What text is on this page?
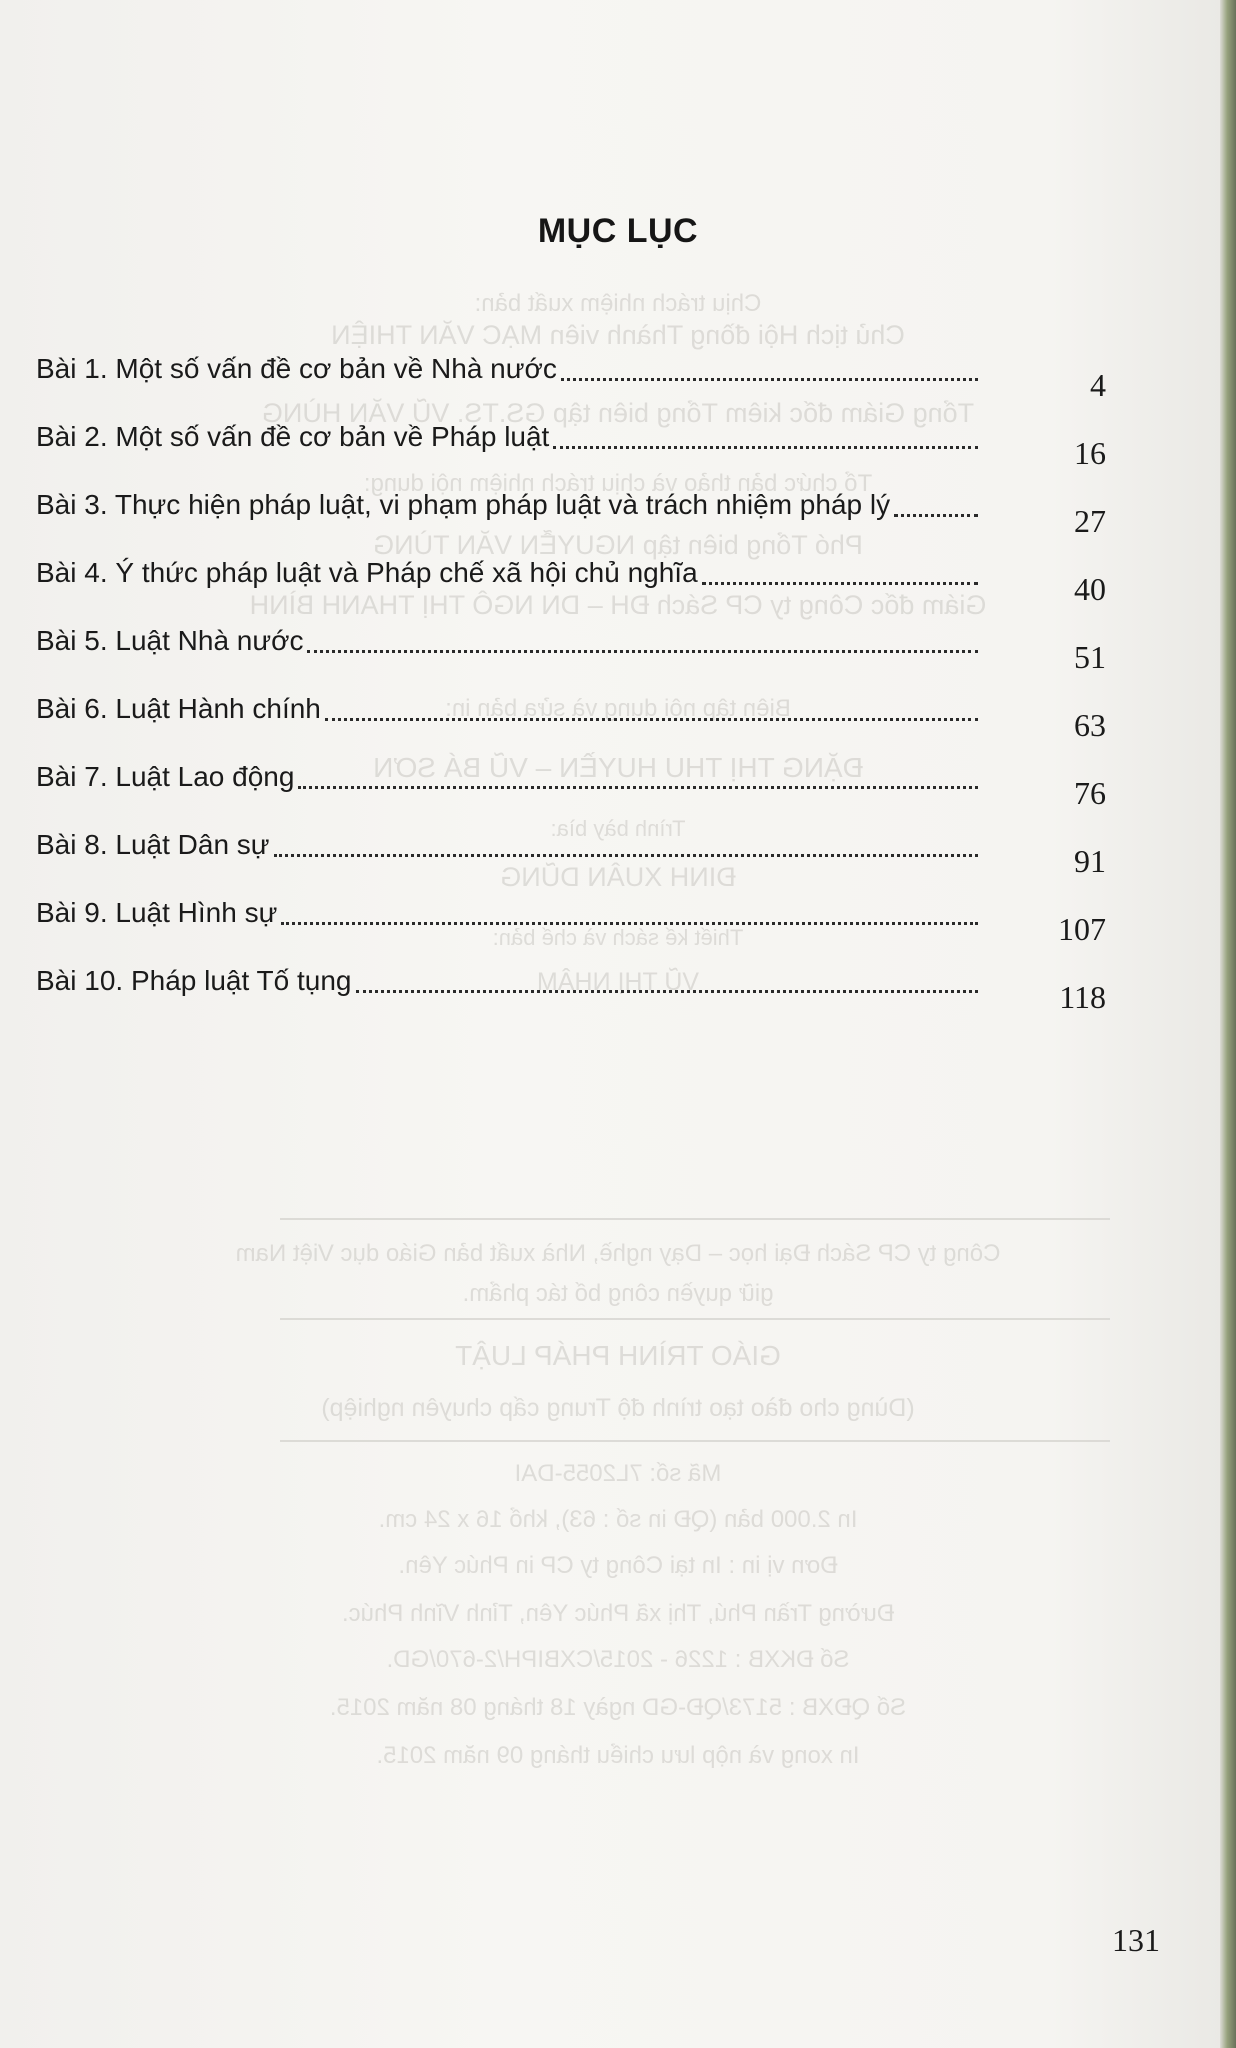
Chịu trách nhiệm xuất bản:
Chủ tịch Hội đồng Thành viên MẠC VĂN THIỆN
Tổng Giám đốc kiêm Tổng biên tập GS.TS. VŨ VĂN HÙNG
Tổ chức bản thảo và chịu trách nhiệm nội dung:
Phó Tổng biên tập NGUYỄN VĂN TÙNG
Giám đốc Công ty CP Sách ĐH – DN NGÔ THỊ THANH BÌNH
Biên tập nội dung và sửa bản in:
ĐẶNG THỊ THU HUYỀN – VŨ BÁ SƠN
Trình bày bìa:
ĐINH XUÂN DŨNG
Thiết kế sách và chế bản:
VŨ THỊ NHÂM
Công ty CP Sách Đại học – Dạy nghề, Nhà xuất bản Giáo dục Việt Nam
giữ quyền công bố tác phẩm.
GIÁO TRÌNH PHÁP LUẬT
(Dùng cho đào tạo trình độ Trung cấp chuyên nghiệp)
Mã số: 7L2055-DAI
In 2.000 bản (QĐ in số : 63), khổ 16 x 24 cm.
Đơn vị in : In tại Công ty CP in Phúc Yên.
Đường Trần Phú, Thị xã Phúc Yên, Tỉnh Vĩnh Phúc.
Số ĐKXB : 1226 - 2015/CXBIPH/2-670/GD.
Số QĐXB : 5173/QĐ-GD ngày 18 tháng 08 năm 2015.
In xong và nộp lưu chiểu tháng 09 năm 2015.
MỤC LỤC
Bài 1. Một số vấn đề cơ bản về Nhà nước	4
Bài 2. Một số vấn đề cơ bản về Pháp luật	16
Bài 3. Thực hiện pháp luật, vi phạm pháp luật và trách nhiệm pháp lý	27
Bài 4. Ý thức pháp luật và Pháp chế xã hội chủ nghĩa	40
Bài 5. Luật Nhà nước	51
Bài 6. Luật Hành chính	63
Bài 7. Luật Lao động	76
Bài 8. Luật Dân sự	91
Bài 9. Luật Hình sự	107
Bài 10. Pháp luật Tố tụng	118
131
